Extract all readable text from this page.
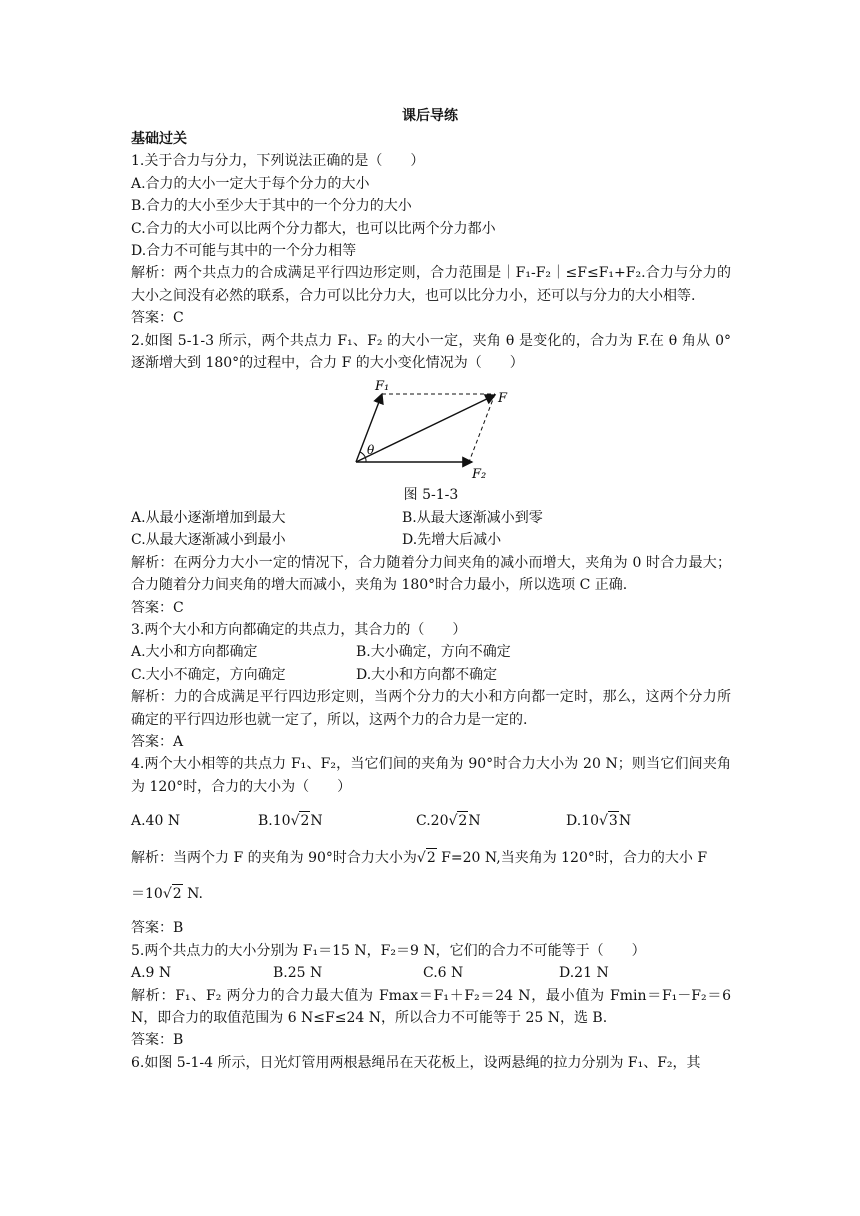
课后导练
基础过关
1.关于合力与分力，下列说法正确的是（　　）
A.合力的大小一定大于每个分力的大小
B.合力的大小至少大于其中的一个分力的大小
C.合力的大小可以比两个分力都大，也可以比两个分力都小
D.合力不可能与其中的一个分力相等
解析：两个共点力的合成满足平行四边形定则，合力范围是｜F₁-F₂｜≤F≤F₁+F₂.合力与分力的大小之间没有必然的联系，合力可以比分力大，也可以比分力小，还可以与分力的大小相等.
答案：C
2.如图 5-1-3 所示，两个共点力 F₁、F₂ 的大小一定，夹角 θ 是变化的，合力为 F.在 θ 角从 0°逐渐增大到 180°的过程中，合力 F 的大小变化情况为（　　）
F₁
F
F₂
θ
图 5-1-3
A.从最小逐渐增加到最大	B.从最大逐渐减小到零
C.从最大逐渐减小到最小	D.先增大后减小
解析：在两分力大小一定的情况下，合力随着分力间夹角的减小而增大，夹角为 0 时合力最大；合力随着分力间夹角的增大而减小，夹角为 180°时合力最小，所以选项 C 正确.
答案：C
3.两个大小和方向都确定的共点力，其合力的（　　）
A.大小和方向都确定	B.大小确定，方向不确定
C.大小不确定，方向确定	D.大小和方向都不确定
解析：力的合成满足平行四边形定则，当两个分力的大小和方向都一定时，那么，这两个分力所确定的平行四边形也就一定了，所以，这两个力的合力是一定的.
答案：A
4.两个大小相等的共点力 F₁、F₂，当它们间的夹角为 90°时合力大小为 20 N；则当它们间夹角为 120°时，合力的大小为（　　）
A.40 N	B.10√2N	C.20√2N	D.10√3N
解析：当两个力 F 的夹角为 90°时合力大小为√2 F=20 N,当夹角为 120°时，合力的大小 F
＝10√2 N.
答案：B
5.两个共点力的大小分别为 F₁＝15 N，F₂＝9 N，它们的合力不可能等于（　　）
A.9 N	B.25 N	C.6 N	D.21 N
解析：F₁、F₂ 两分力的合力最大值为 Fmax＝F₁＋F₂＝24 N，最小值为 Fmin＝F₁－F₂＝6 N，即合力的取值范围为 6 N≤F≤24 N，所以合力不可能等于 25 N，选 B.
答案：B
6.如图 5-1-4 所示，日光灯管用两根悬绳吊在天花板上，设两悬绳的拉力分别为 F₁、F₂，其
